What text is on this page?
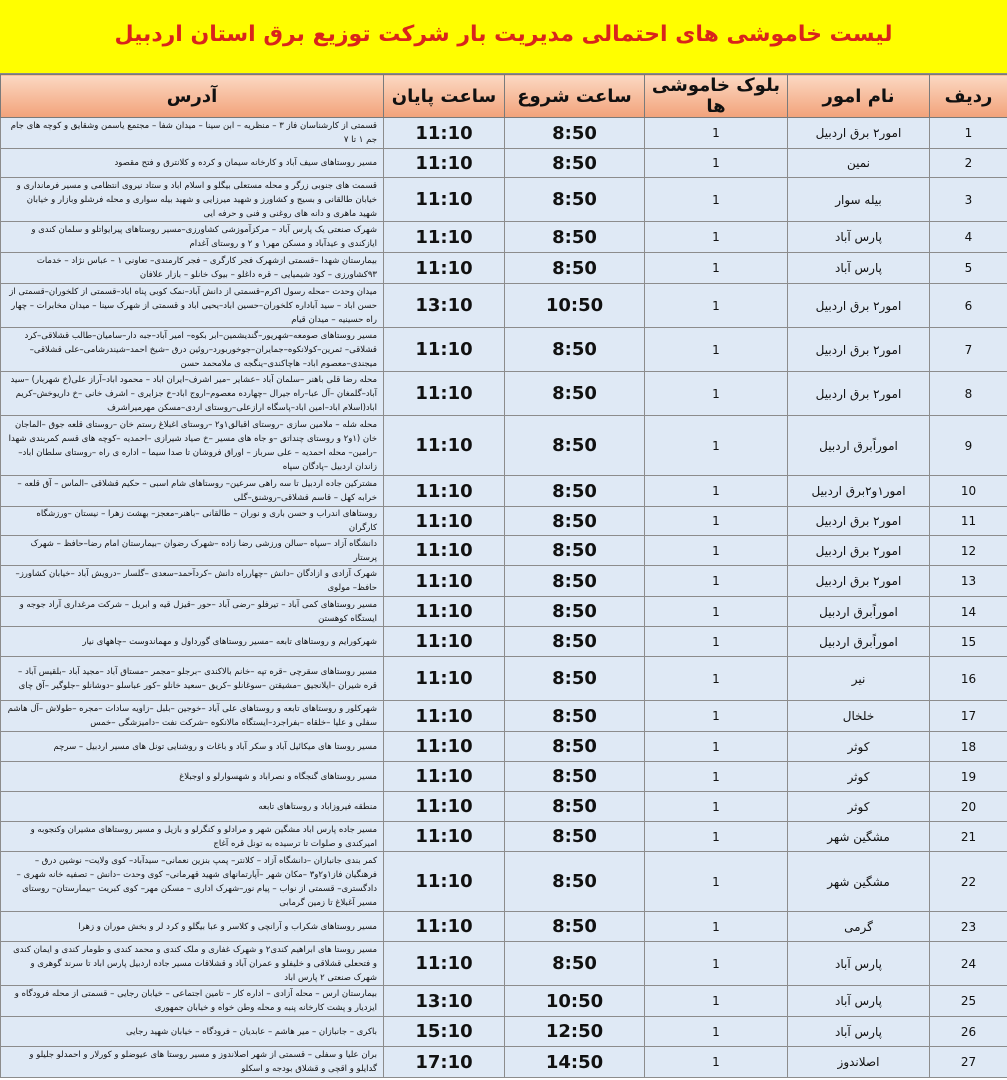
لیست خاموشی های احتمالی مدیریت بار شرکت توزیع برق استان اردبیل
ردیف	نام امور	بلوک خاموشی ها	ساعت شروع	ساعت پایان	آدرس
1	امور۲ برق اردبیل	1	8:50	11:10	قسمتی از کارشناسان فاز ۳ – منظریه – ابن سینا – میدان شفا – مجتمع یاسمن وشقایق و کوچه های جام جم ۱ تا ۷
2	نمین	1	8:50	11:10	مسیر روستاهای سیف آباد و کارخانه سیمان و کرده و کلانترق و فتح مقصود
3	بیله سوار	1	8:50	11:10	قسمت های جنوبی زرگر و محله مستعلی بیگلو و اسلام اباد و ستاد نیروی انتظامی و مسیر فرمانداری و خیابان طالقانی و بسیج و کشاورز و شهید میرزایی و شهید بیله سواری و محله فرشلو وبازار و خیابان شهید ماهری و دانه های روغنی و فنی و حرفه ایی
4	پارس آباد	1	8:50	11:10	شهرک صنعتی یک پارس آباد – مرکزآموزشی کشاورزی–مسیر روستاهای پیرایواتلو و سلمان کندی و ایازکندی و عیدآباد و مسکن مهر۱ و ۲ و روستای آغدام
5	پارس آباد	1	8:50	11:10	بیمارستان شهدا –قسمتی ازشهرک فجر کارگری – فجر کارمندی– تعاونی ۱ – عباس نژاد – خدمات ۹۳کشاورزی – کود شیمیایی – قره داغلو – بیوک خانلو – بازار علافان
6	امور۲ برق اردبیل	1	10:50	13:10	میدان وحدت –محله رسول اکرم–قسمتی از دانش آباد–نمک کوبی پناه اباد–قسمتی از کلخوران–قسمتی از حسن اباد – سید آباداره کلخوران–حسین اباد–یحیی اباد و قسمتی از شهرک سینا – میدان مخابرات – چهار راه حسینیه – میدان قیام
7	امور۲ برق اردبیل	1	8:50	11:10	مسیر روستاهای صومعه–شهریور–گندیشمین–ابر بکوه– امیر آباد–جبه دار–سامیان–طالب قشلاقی–کرد قشلاقی– ثمرین–کولانکوه–جمایران–جوخوربورد–روئین درق –شیخ احمد–شیندرشامی–علی قشلاقی–میجندی–معصوم اباد– هاچاکندی–ینگجه ی ملامحمد حسن
8	امور۲ برق اردبیل	1	8:50	11:10	محله رضا قلی باهنر –سلمان آباد –عشایر –میر اشرف–ایران اباد – محمود اباد–آراز علی(خ شهریار) –سید آباد–گلمغان –آل عبا–راه جیرال –چهارده معصوم–اروج اباد–خ جزایری – اشرف خانی –خ داریوخش–کریم اباد(اسلام اباد–امین اباد–پاسگاه ارازعلی–روستای اردی–مسکن مهرمیراشرف
9	اموراًبرق اردبیل	1	8:50	11:10	محله شله – ملامین سازی –روستای اقبالق۱و۲ –روستای اغبلاغ رستم خان –روستای قلعه جوق –الماجان خان (۱و۲ و روستای چنداتق –و جاه های مسیر –خ صیاد شیرازی –احمدیه –کوچه های قسم کمربندی شهدا –رامین– محله احمدیه – علی سرباز – اوراق فروشان تا صدا سیما – اداره ی راه –روستای سلطان اباد–زاندان اردبیل –پادگان سپاه
10	امور۱و۲برق اردبیل	1	8:50	11:10	مشترکین جاده اردبیل تا سه راهی سرعین– روستاهای شام اسبی – حکیم قشلاقی –الماس – آق قلعه – خرابه کهل – قاسم قشلاقی–روشنق–گلی
11	امور۲ برق اردبیل	1	8:50	11:10	روستاهای اندراب و حسن باری و نوران – طالقانی –باهنر–معجز– بهشت زهرا – نیستان –ورزشگاه کارگران
12	امور۲ برق اردبیل	1	8:50	11:10	دانشگاه آزاد –سپاه –سالن ورزشی رضا زاده –شهرک رضوان –بیمارستان امام رضا–حافظ – شهرک پرستار
13	امور۲ برق اردبیل	1	8:50	11:10	شهرک آزادی و ازادگان –دانش –چهارراه دانش –کردآحمد–سعدی –گلسار –درویش آباد –خیابان کشاورز–حافظ– مولوی
14	اموراًبرق اردبیل	1	8:50	11:10	مسیر روستاهای کمی آباد – تیرفلو –رضی آباد –حور –قیزل قیه و ابریل – شرکت مرغداری آراد جوجه و ایستگاه کوهستن
15	اموراًبرق اردبیل	1	8:50	11:10	شهرکورایم و روستاهای تابعه –مسیر روستاهای گورداول و مهماندوست –چاههای نیار
16	نیر	1	8:50	11:10	مسیر روستاهای سقرچی –قره تپه –خانم بالاکندی –برجلو –مجمر –مستاق آباد –مجید آباد –بلقیس آباد –قره شیران –ایلانجیق –مشیقتن –سوغانلو –کریق –سعید خانلو –کور عباسلو –دوشانلو –جلوگیر –آق چای
17	خلخال	1	8:50	11:10	شهرکلور و روستاهای تابعه و روستاهای علی آباد –خوجین –بلبل –زاویه سادات –مجره –طولاش –آل هاشم سفلی و علیا –خلقاه –بفراجرد–ایستگاه مالانکوه –شرکت نفت –دامیزشگی –خمس
18	کوثر	1	8:50	11:10	مسیر روستا های میکائیل آباد و سکر آباد و باغات و روشنایی تونل های مسیر اردبیل – سرچم
19	کوثر	1	8:50	11:10	مسیر روستاهای گنجگاه و نصراباد و شهسوارلو و اوجبلاغ
20	کوثر	1	8:50	11:10	منطقه فیروزاباد و روستاهای تابعه
21	مشگین شهر	1	8:50	11:10	مسیر جاده پارس اباد مشگین شهر و مرادلو و کنگرلو و بازیل و مسیر روستاهای مشیران وکنجوبه و امیرکندی و صلوات تا ترسیده به تونل قره آغاج
22	مشگین شهر	1	8:50	11:10	کمر بندی جانبازان –دانشگاه آزاد – کلانتر– پمپ بنزین نعمانی– سیدآباد– کوی ولایت– نوشین درق –فرهنگیان فاز۱و۲و۳ –مکان شهر –آپارتمانهای شهید قهرمانی– کوی وحدت –دانش – تصفیه خانه شهری –دادگستری– قسمتی از نواب – پیام نور–شهرک اداری – مسکن مهر– کوی کبریت –بیمارستان– روستای مسیر آغبلاغ تا زمین گرمابی
23	گرمی	1	8:50	11:10	مسیر روستاهای شکراب و آرانچی و کلاسر و عبا بیگلو و کرد لر و بخش موران و زهرا
24	پارس آباد	1	8:50	11:10	مسیر روستا های ابراهیم کندی۲ و شهرک غفاری و ملک کندی و محمد کندی و طومار کندی و ایمان کندی و فتحعلی قشلاقی و خلیفلو و عمران آباد و قشلاقات مسیر جاده اردبیل پارس اباد تا سرند گوهری و شهرک صنعتی ۲ پارس اباد
25	پارس آباد	1	10:50	13:10	بیمارستان ارس – محله آزادی – اداره کار – تامین اجتماعی – خیابان رجایی – قسمتی از محله فرودگاه و ایزدیار و پشت کارخانه پنبه و محله وطن خواه و خیابان جمهوری
26	پارس آباد	1	12:50	15:10	باکری – جانبازان – میر هاشم – عابدیان – فرودگاه – خیابان شهید رجایی
27	اصلاندوز	1	14:50	17:10	بران علیا و سفلی – قسمتی از شهر اصلاندوز و مسیر روستا های عیوضلو و کورلار و احمدلو جلیلو و گدایلو و اقچی و قشلاق بودجه و اسکلو
